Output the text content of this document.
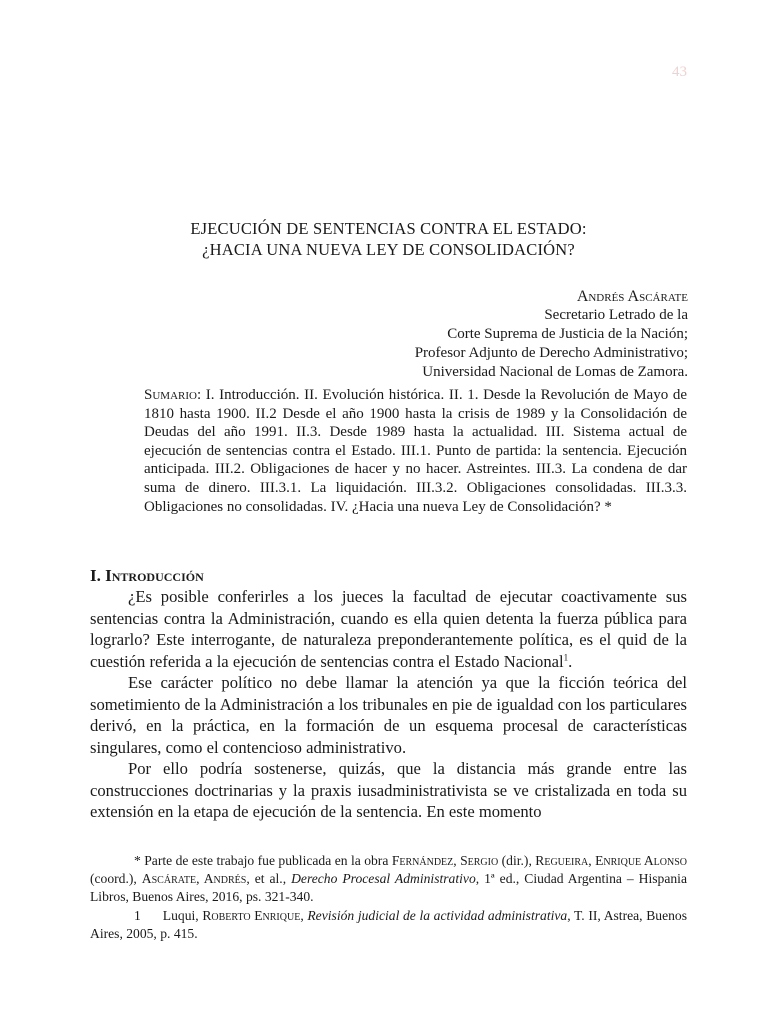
43
EJECUCIÓN DE SENTENCIAS CONTRA EL ESTADO:
¿HACIA UNA NUEVA LEY DE CONSOLIDACIÓN?
Andrés Ascárate
Secretario Letrado de la
Corte Suprema de Justicia de la Nación;
Profesor Adjunto de Derecho Administrativo;
Universidad Nacional de Lomas de Zamora.
Sumario: I. Introducción. II. Evolución histórica. II. 1. Desde la Revolución de Mayo de 1810 hasta 1900. II.2 Desde el año 1900 hasta la crisis de 1989 y la Consolidación de Deudas del año 1991. II.3. Desde 1989 hasta la actualidad. III. Sistema actual de ejecución de sentencias contra el Estado. III.1. Punto de partida: la sentencia. Ejecución anticipada. III.2. Obligaciones de hacer y no hacer. Astreintes. III.3. La condena de dar suma de dinero. III.3.1. La liquidación. III.3.2. Obligaciones consolidadas. III.3.3. Obligaciones no consolidadas. IV. ¿Hacia una nueva Ley de Consolidación? *
I. Introducción

¿Es posible conferirles a los jueces la facultad de ejecutar coactivamente sus sentencias contra la Administración, cuando es ella quien detenta la fuerza pública para lograrlo? Este interrogante, de naturaleza preponderantemente política, es el quid de la cuestión referida a la ejecución de sentencias contra el Estado Nacional$^1$.

Ese carácter político no debe llamar la atención ya que la ficción teórica del sometimiento de la Administración a los tribunales en pie de igualdad con los particulares derivó, en la práctica, en la formación de un esquema procesal de características singulares, como el contencioso administrativo.

Por ello podría sostenerse, quizás, que la distancia más grande entre las construcciones doctrinarias y la praxis iusadministrativista se ve cristalizada en toda su extensión en la etapa de ejecución de la sentencia. En este momento

* Parte de este trabajo fue publicada en la obra Fernández, Sergio (dir.), Regueira, Enrique Alonso (coord.), Ascárate, Andrés, et al., Derecho Procesal Administrativo, 1ª ed., Ciudad Argentina – Hispania Libros, Buenos Aires, 2016, ps. 321-340.

1 Luqui, Roberto Enrique, Revisión judicial de la actividad administrativa, T. II, Astrea, Buenos Aires, 2005, p. 415.
